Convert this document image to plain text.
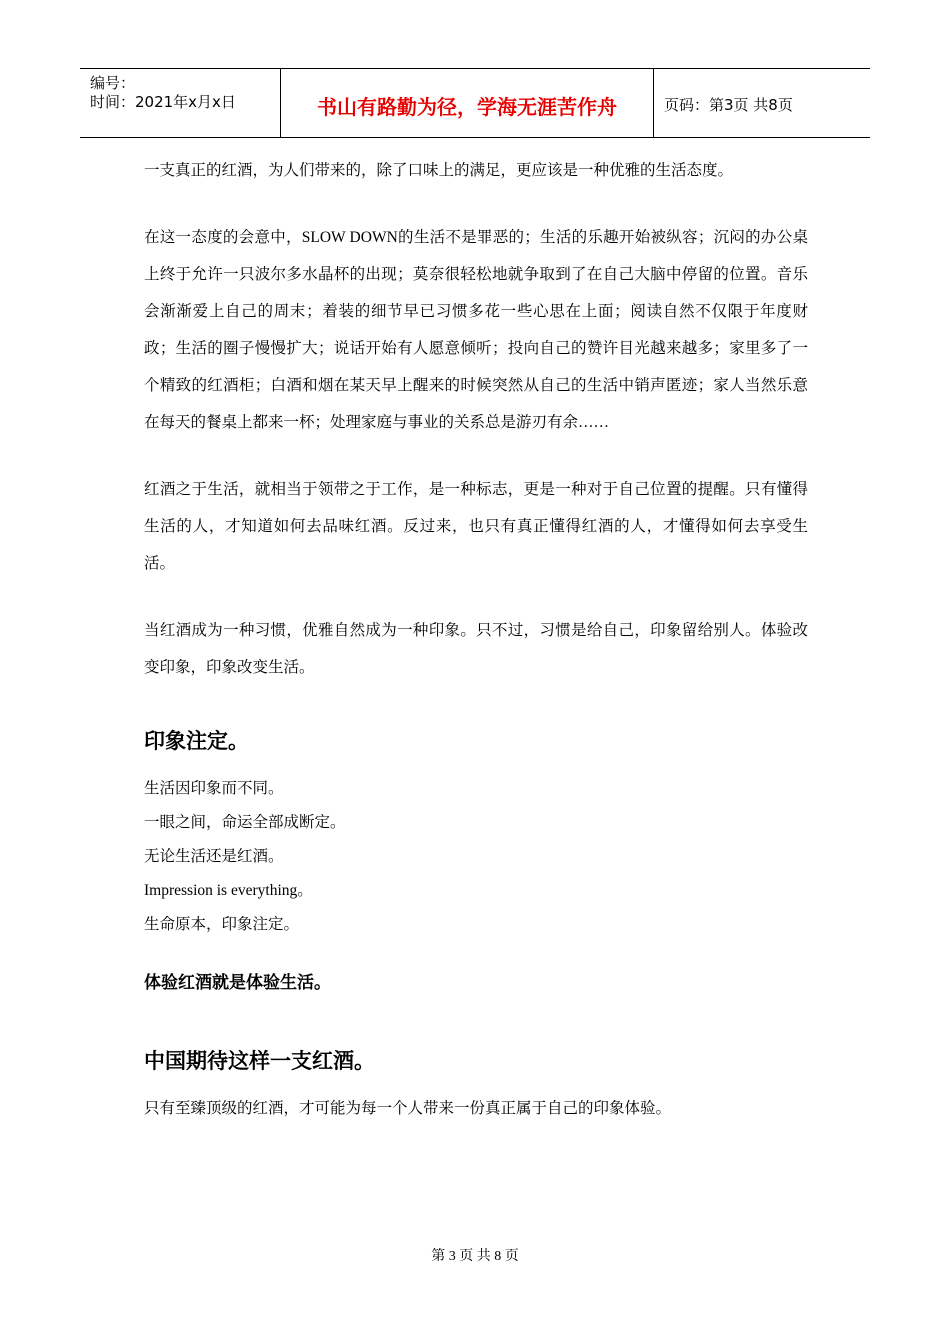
编号：
时间：2021年x月x日	书山有路勤为径，学海无涯苦作舟	页码：第3页 共8页

一支真正的红酒，为人们带来的，除了口味上的满足，更应该是一种优雅的生活态度。

在这一态度的会意中，SLOW DOWN的生活不是罪恶的；生活的乐趣开始被纵容；沉闷的办公桌上终于允许一只波尔多水晶杯的出现；莫奈很轻松地就争取到了在自己大脑中停留的位置。音乐会渐渐爱上自己的周末；着装的细节早已习惯多花一些心思在上面；阅读自然不仅限于年度财政；生活的圈子慢慢扩大；说话开始有人愿意倾听；投向自己的赞许目光越来越多；家里多了一个精致的红酒柜；白酒和烟在某天早上醒来的时候突然从自己的生活中销声匿迹；家人当然乐意在每天的餐桌上都来一杯；处理家庭与事业的关系总是游刃有余……

红酒之于生活，就相当于领带之于工作，是一种标志，更是一种对于自己位置的提醒。只有懂得生活的人，才知道如何去品味红酒。反过来，也只有真正懂得红酒的人，才懂得如何去享受生活。

当红酒成为一种习惯，优雅自然成为一种印象。只不过，习惯是给自己，印象留给别人。体验改变印象，印象改变生活。

印象注定。

生活因印象而不同。

一眼之间，命运全部成断定。

无论生活还是红酒。

Impression is everything。

生命原本，印象注定。

体验红酒就是体验生活。

中国期待这样一支红酒。

只有至臻顶级的红酒，才可能为每一个人带来一份真正属于自己的印象体验。

第 3 页 共 8 页
